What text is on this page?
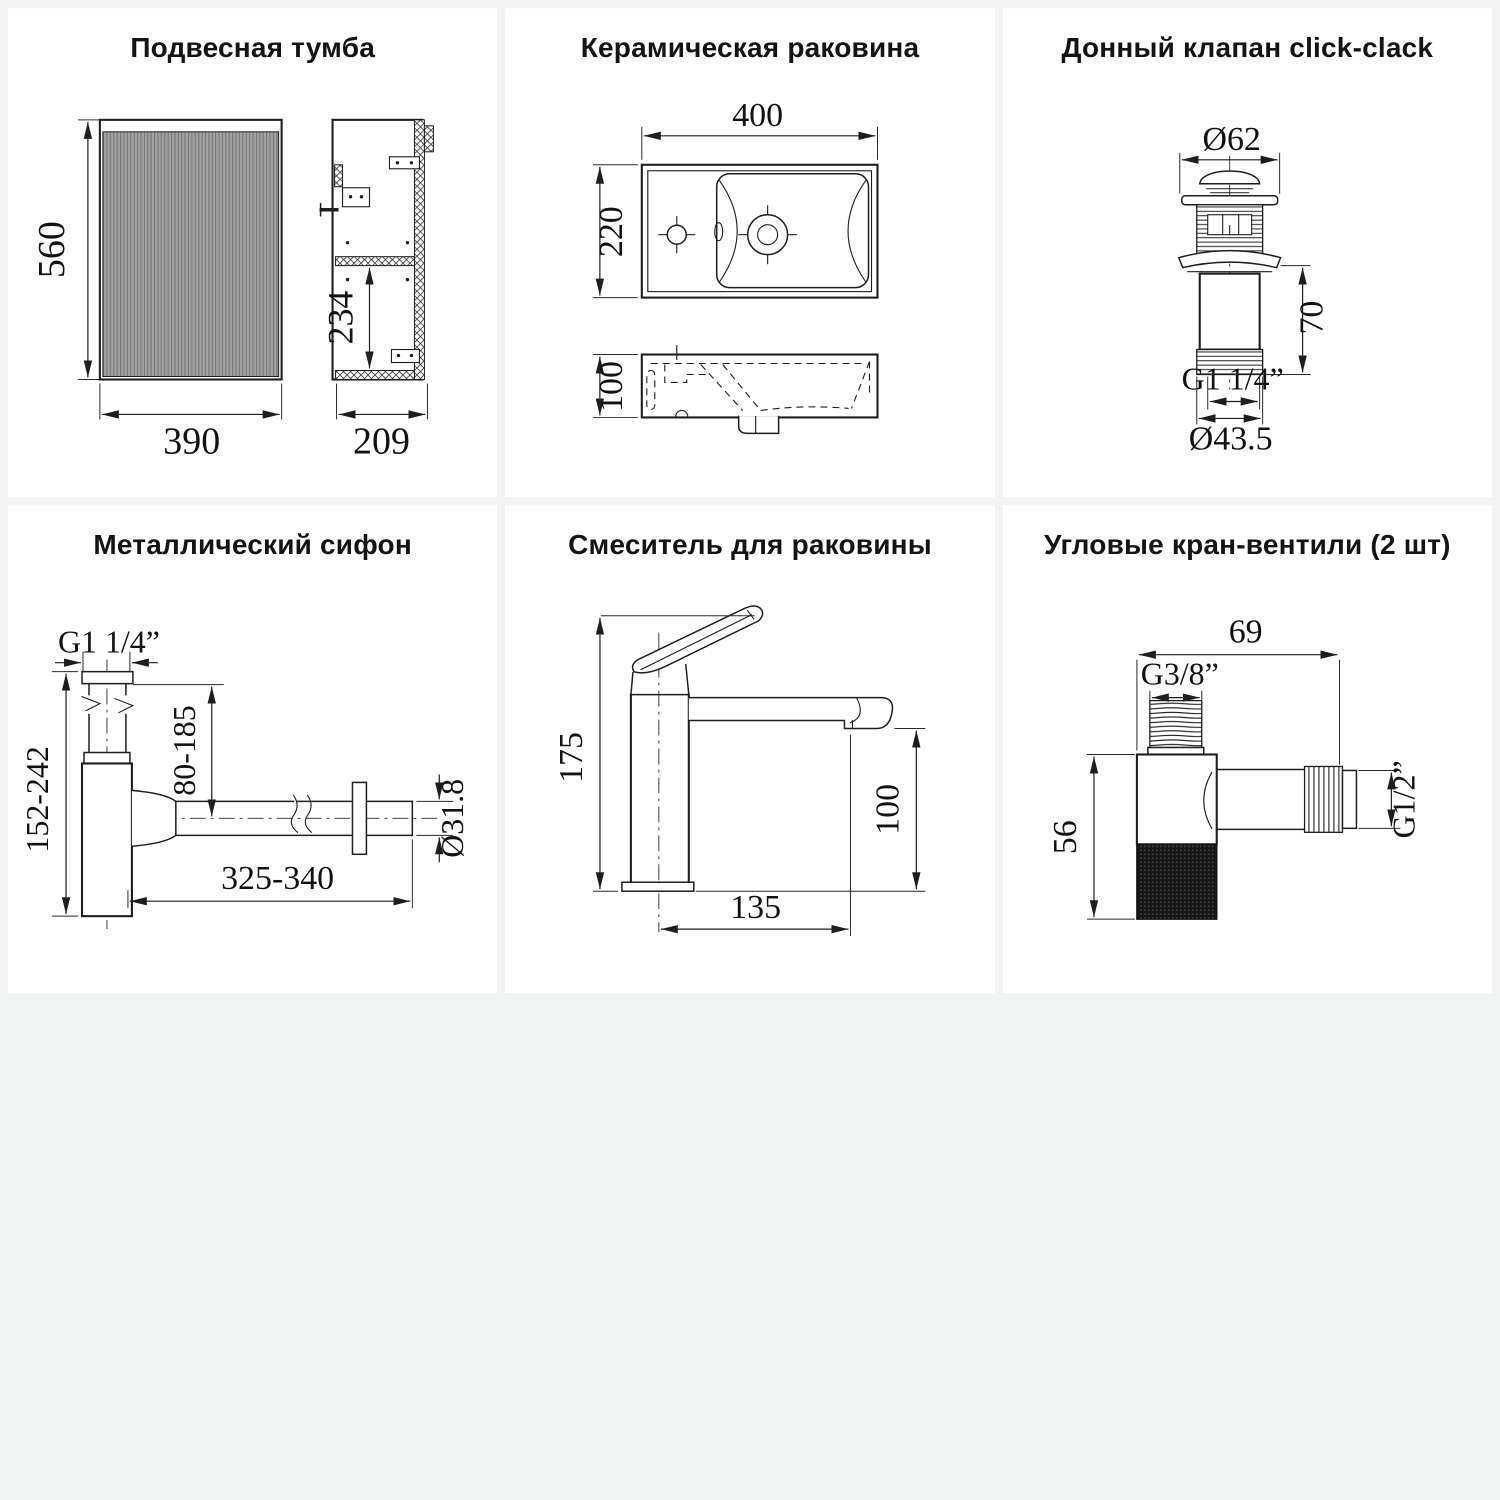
Подвесная тумба
560
390	209
234
Керамическая раковина
400
220
100
Донный клапан click-clack
Ø62
70
G1 1/4”
Ø43.5
Металлический сифон
G1 1/4”
152-242	80-185
325-340
Ø31.8
Смеситель для раковины
175
100
135
Угловые кран-вентили (2 шт)
69
G3/8”
56	G1/2”
